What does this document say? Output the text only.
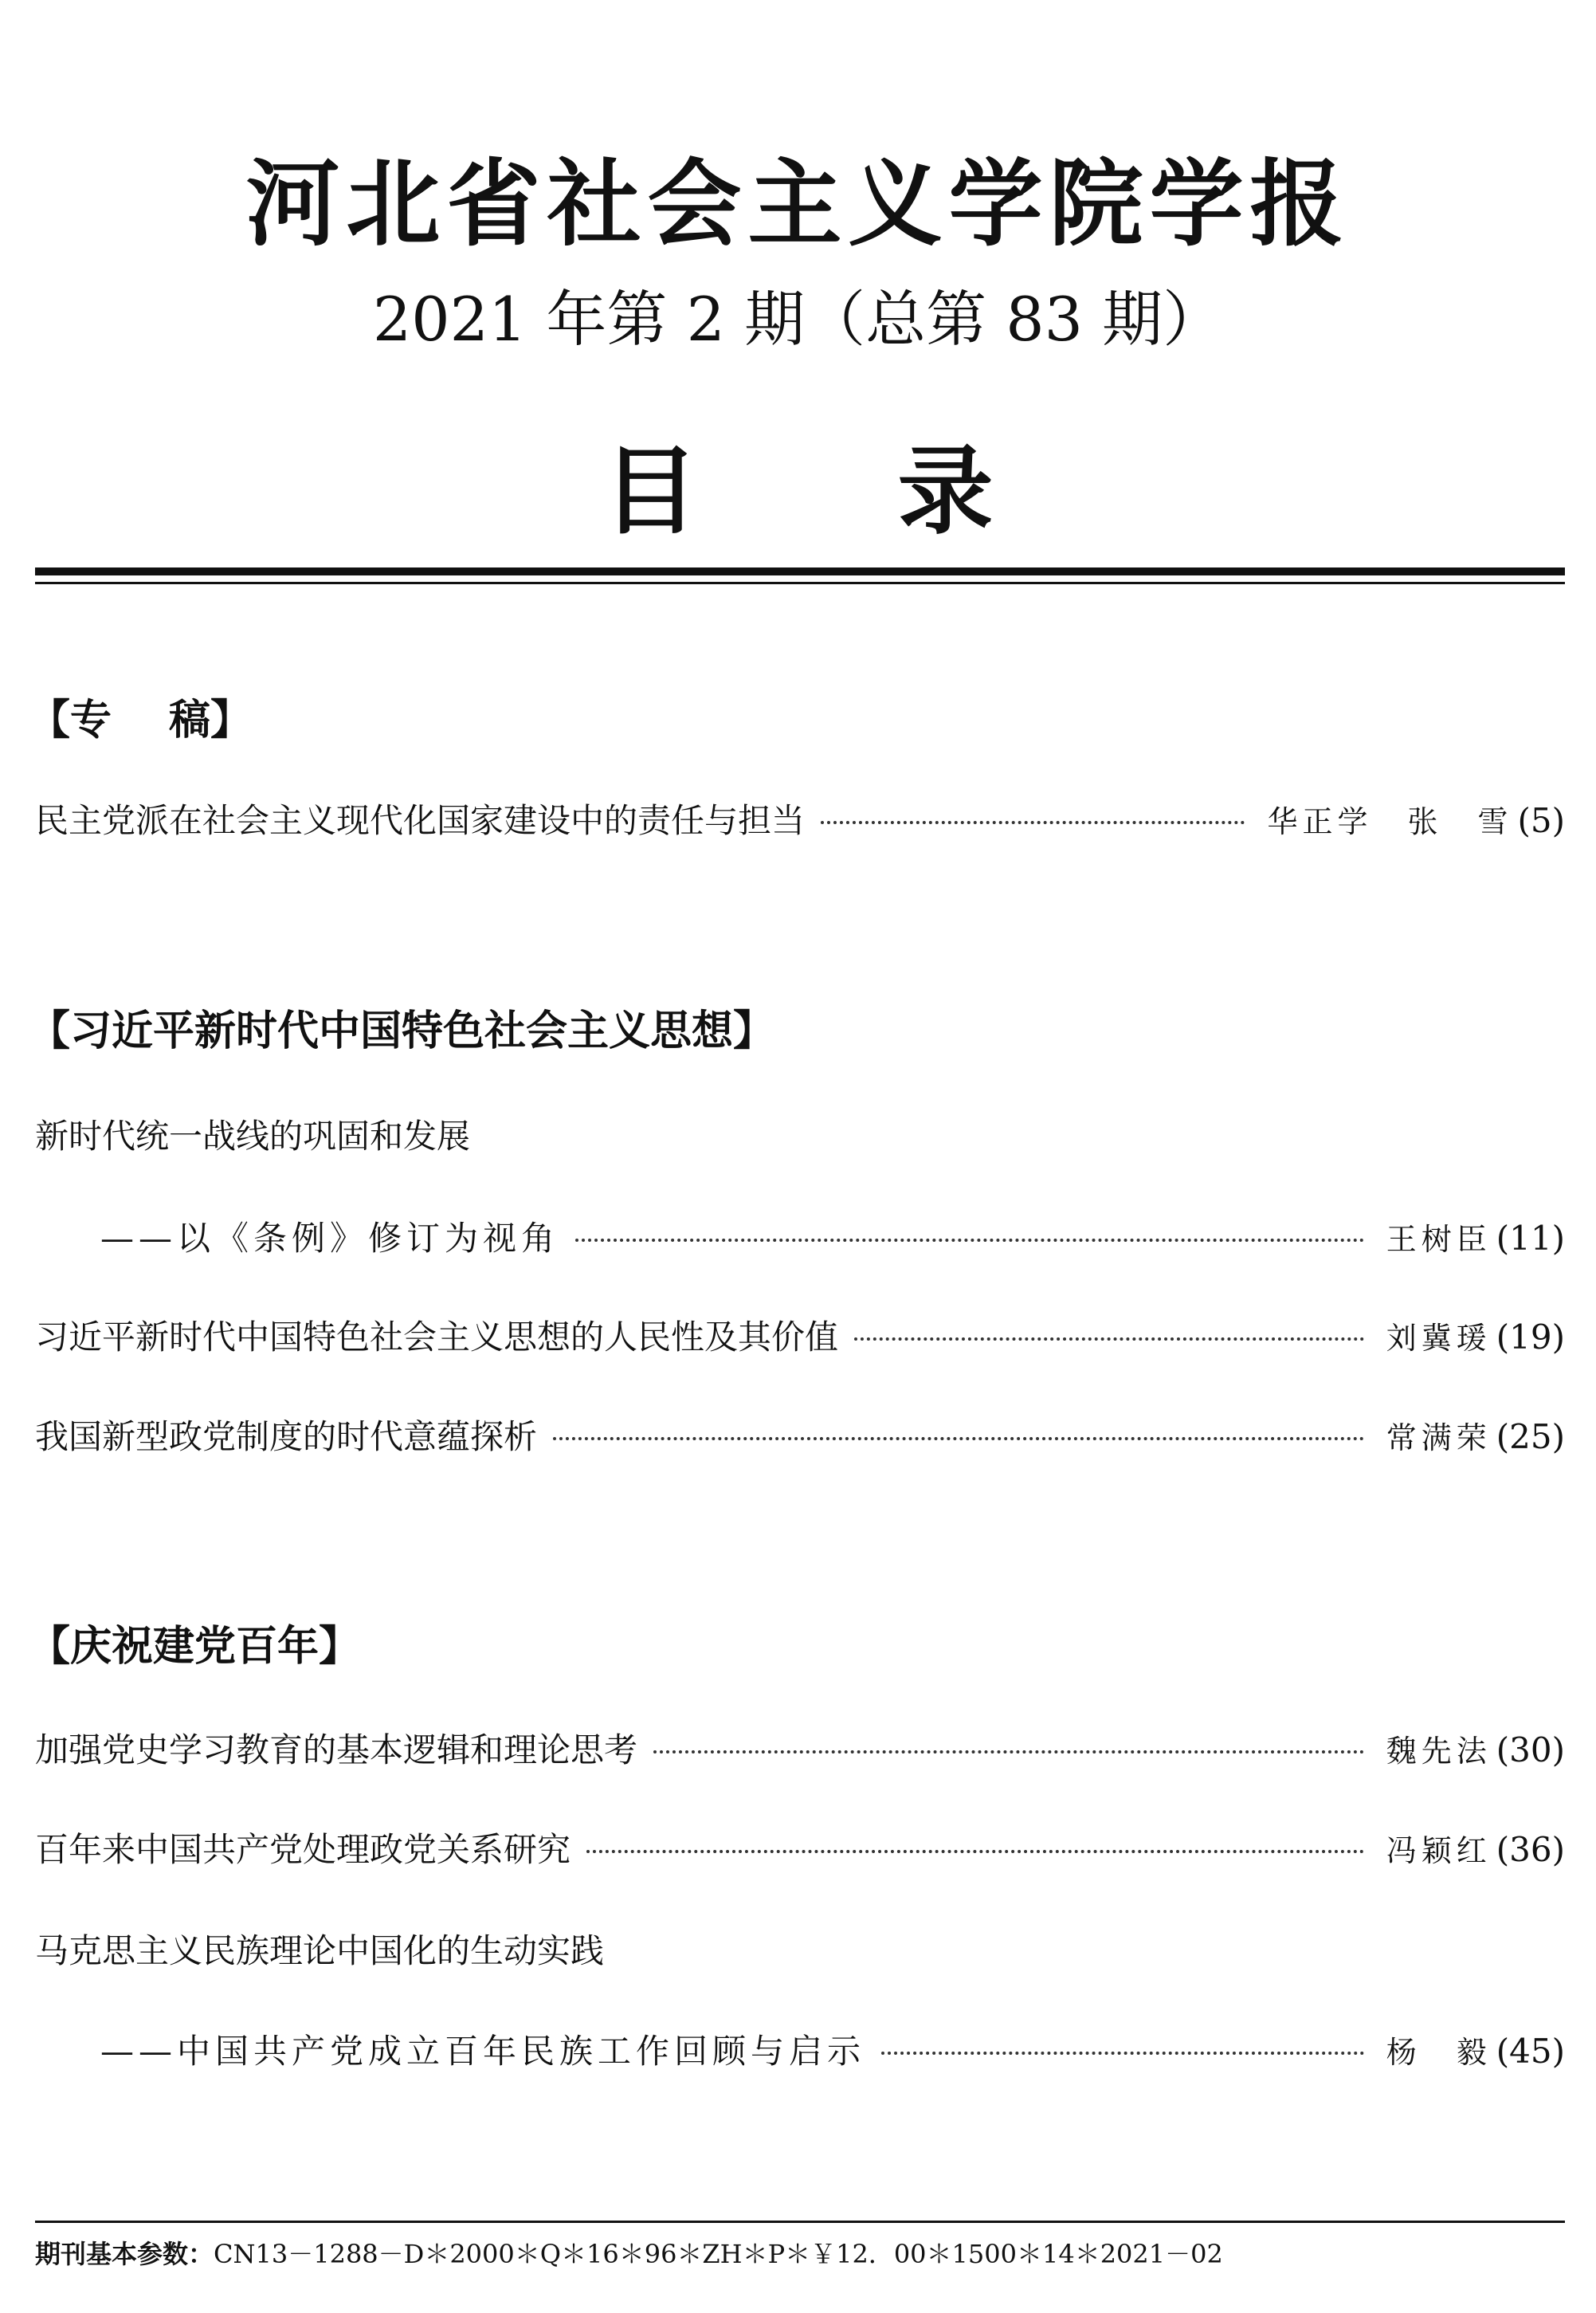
河北省社会主义学院学报
2021 年第 2 期（总第 83 期）
目 录
【专 稿】
民主党派在社会主义现代化国家建设中的责任与担当	华正学　张　雪 (5)
【习近平新时代中国特色社会主义思想】
新时代统一战线的巩固和发展
——以《条例》修订为视角	王树臣 (11)
习近平新时代中国特色社会主义思想的人民性及其价值	刘冀瑗 (19)
我国新型政党制度的时代意蕴探析	常满荣 (25)
【庆祝建党百年】
加强党史学习教育的基本逻辑和理论思考	魏先法 (30)
百年来中国共产党处理政党关系研究	冯颖红 (36)
马克思主义民族理论中国化的生动实践
——中国共产党成立百年民族工作回顾与启示	杨　毅 (45)
期刊基本参数：CN13－1288－D＊2000＊Q＊16＊96＊ZH＊P＊￥12．00＊1500＊14＊2021－02
